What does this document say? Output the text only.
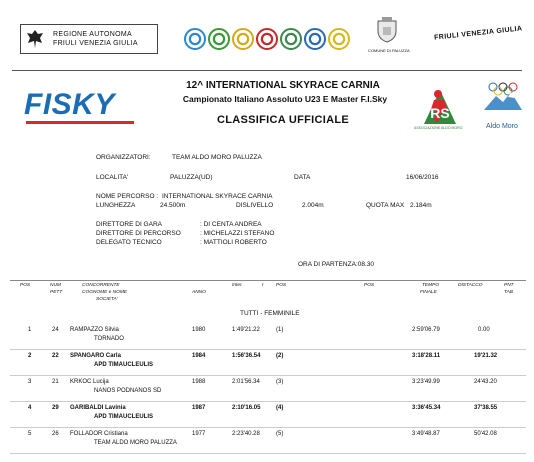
REGIONE AUTONOMA
FRIULI VENEZIA GIULIA
COMUNE DI PALUZZA
FRIULI VENEZIA GIULIA
FISKY
12^ INTERNATIONAL SKYRACE CARNIA
Campionato Italiano Assoluto U23 E Master F.I.Sky
CLASSIFICA UFFICIALE	RS
ASSOCIAZIONE ALDO MORO	Aldo Moro
ORGANIZZATORI:	TEAM ALDO MORO PALUZZA
LOCALITA'	PALUZZA(UD)	DATA	16/06/2016
NOME PERCORSO : INTERNATIONAL SKYRACE CARNIA
LUNGHEZZA	24.500m	DISLIVELLO	2.004m	QUOTA MAX 2.184m
DIRETTORE DI GARA	: DI CENTA ANDREA
DIRETTORE DI PERCORSO	: MICHELAZZI STEFANO
DELEGATO TECNICO	: MATTIOLI ROBERTO
ORA DI PARTENZA:08.30
POS	NUM
PETT
CONCORRENTE
COGNOME e NOME
SOCIETA'
ANNO
Inter.	I	POS	POS	TEMPO
FINALE
DISTACCO	PNT
TAB
TUTTI - FEMMINILE
1	24 RAMPAZZO Silvia
TORNADO
1980	1:49'21.22	(1)	2:59'06.79	0.00
2	22 SPANGARO Carla
APD TIMAUCLEULIS
1984	1:56'36.54	(2)	3:18'28.11	19'21.32
3	21 KRKOC Lucija
NANOS PODNANOS SD
1988	2:01'56.34	(3)	3:23'49.99	24'43.20
4	29 GARIBALDI Lavinia
APD TIMAUCLEULIS
1987	2:10'16.05	(4)	3:36'45.34	37'38.55
5	26 FOLLADOR Cristiana
TEAM ALDO MORO PALUZZA
1977	2:23'40.28	(5)	3:49'48.87	50'42.08
